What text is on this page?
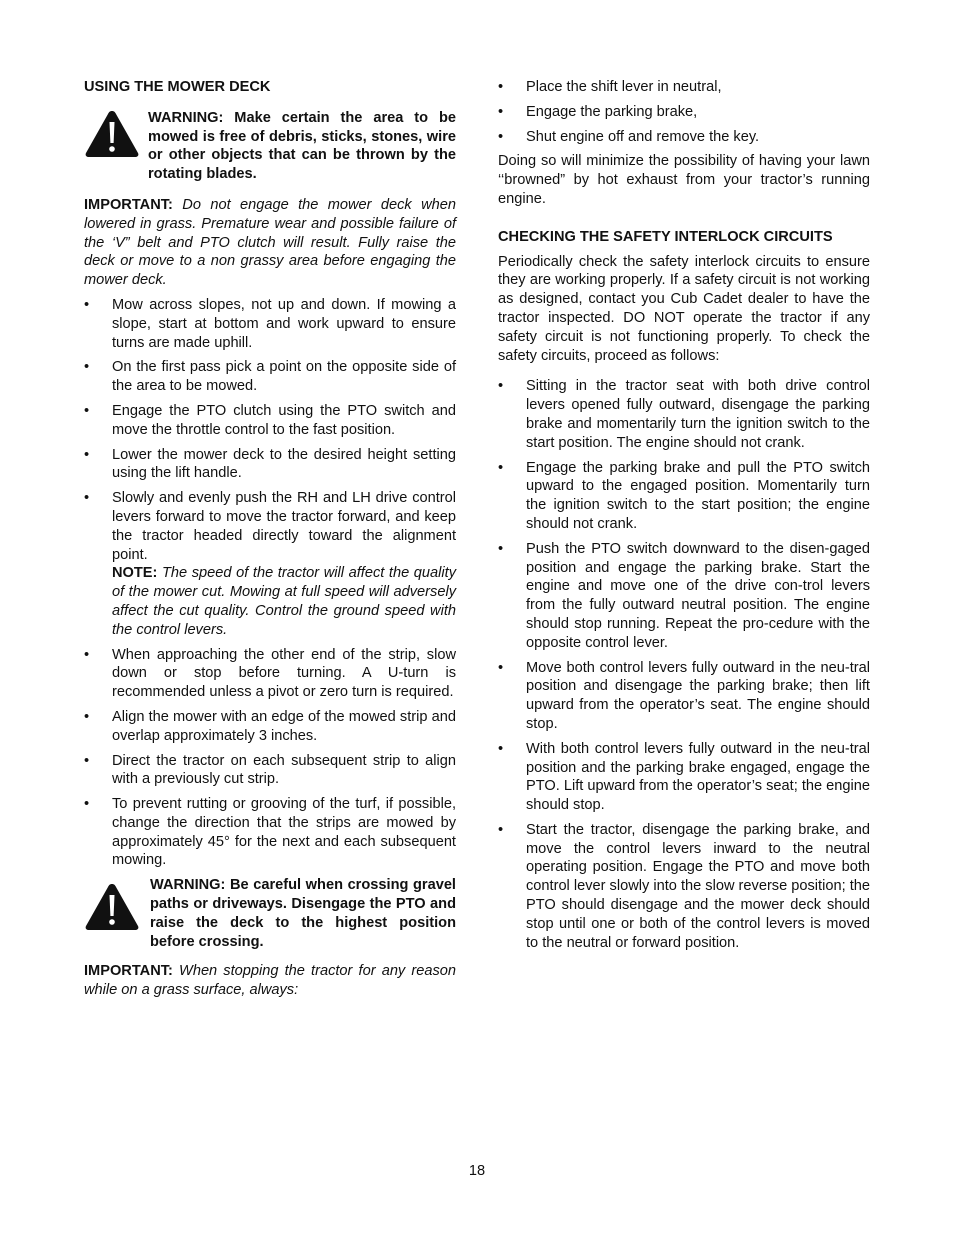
USING THE MOWER DECK
WARNING: Make certain the area to be mowed is free of debris, sticks, stones, wire or other objects that can be thrown by the rotating blades.

IMPORTANT: Do not engage the mower deck when lowered in grass. Premature wear and possible failure of the ‘V” belt and PTO clutch will result. Fully raise the deck or move to a non grassy area before engaging the mower deck.

• Mow across slopes, not up and down. If mowing a slope, start at bottom and work upward to ensure turns are made uphill.
• On the first pass pick a point on the opposite side of the area to be mowed.
• Engage the PTO clutch using the PTO switch and move the throttle control to the fast position.
• Lower the mower deck to the desired height setting using the lift handle.
• Slowly and evenly push the RH and LH drive control levers forward to move the tractor forward, and keep the tractor headed directly toward the alignment point.
NOTE: The speed of the tractor will affect the quality of the mower cut. Mowing at full speed will adversely affect the cut quality. Control the ground speed with the control levers.
• When approaching the other end of the strip, slow down or stop before turning. A U-turn is recommended unless a pivot or zero turn is required.
• Align the mower with an edge of the mowed strip and overlap approximately 3 inches.
• Direct the tractor on each subsequent strip to align with a previously cut strip.
• To prevent rutting or grooving of the turf, if possible, change the direction that the strips are mowed by approximately 45° for the next and each subsequent mowing.
WARNING: Be careful when crossing gravel paths or driveways. Disengage the PTO and raise the deck to the highest position before crossing.

IMPORTANT: When stopping the tractor for any reason while on a grass surface, always:

• Place the shift lever in neutral,
• Engage the parking brake,
• Shut engine off and remove the key.

Doing so will minimize the possibility of having your lawn ‘‘browned” by hot exhaust from your tractor’s running engine.

CHECKING THE SAFETY INTERLOCK CIRCUITS

Periodically check the safety interlock circuits to ensure they are working properly. If a safety circuit is not working as designed, contact you Cub Cadet dealer to have the tractor inspected. DO NOT operate the tractor if any safety circuit is not functioning properly. To check the safety circuits, proceed as follows:

• Sitting in the tractor seat with both drive control levers opened fully outward, disengage the parking brake and momentarily turn the ignition switch to the start position. The engine should not crank.
• Engage the parking brake and pull the PTO switch upward to the engaged position. Momentarily turn the ignition switch to the start position; the engine should not crank.
• Push the PTO switch downward to the disen-gaged position and engage the parking brake. Start the engine and move one of the drive con-trol levers from the fully outward neutral position. The engine should stop running. Repeat the pro-cedure with the opposite control lever.
• Move both control levers fully outward in the neu-tral position and disengage the parking brake; then lift upward from the operator’s seat. The engine should stop.
• With both control levers fully outward in the neu-tral position and the parking brake engaged, engage the PTO. Lift upward from the operator’s seat; the engine should stop.
• Start the tractor, disengage the parking brake, and move the control levers inward to the neutral operating position. Engage the PTO and move both control lever slowly into the slow reverse position; the PTO should disengage and the mower deck should stop until one or both of the control levers is moved to the neutral or forward position.
18
